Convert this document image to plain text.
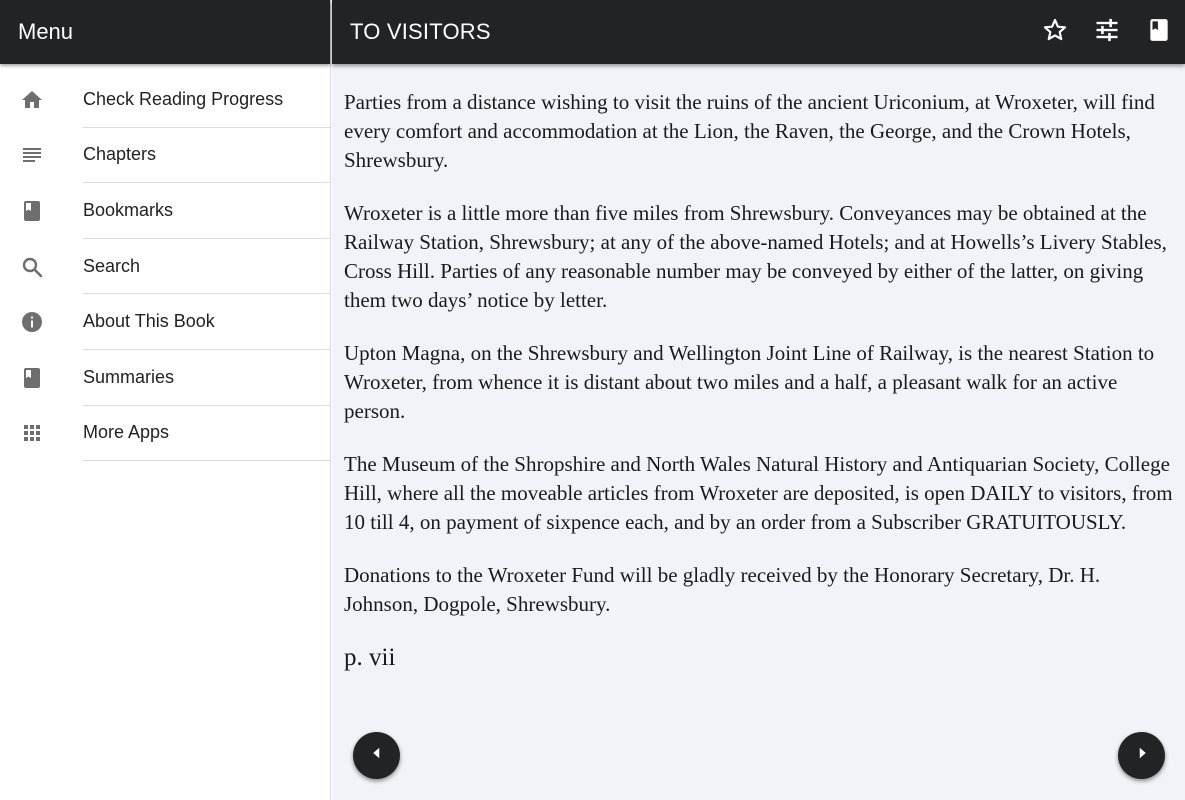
Menu
Check Reading Progress
Chapters
Bookmarks
Search
About This Book
Summaries
More Apps
TO VISITORS

Parties from a distance wishing to visit the ruins of the ancient Uriconium, at Wroxeter, will find every comfort and accommodation at the Lion, the Raven, the George, and the Crown Hotels, Shrewsbury.

Wroxeter is a little more than five miles from Shrewsbury. Conveyances may be obtained at the Railway Station, Shrewsbury; at any of the above-named Hotels; and at Howells’s Livery Stables, Cross Hill. Parties of any reasonable number may be conveyed by either of the latter, on giving them two days’ notice by letter.

Upton Magna, on the Shrewsbury and Wellington Joint Line of Railway, is the nearest Station to Wroxeter, from whence it is distant about two miles and a half, a pleasant walk for an active person.

The Museum of the Shropshire and North Wales Natural History and Antiquarian Society, College Hill, where all the moveable articles from Wroxeter are deposited, is open DAILY to visitors, from 10 till 4, on payment of sixpence each, and by an order from a Subscriber GRATUITOUSLY.

Donations to the Wroxeter Fund will be gladly received by the Honorary Secretary, Dr. H. Johnson, Dogpole, Shrewsbury.

p. vii
